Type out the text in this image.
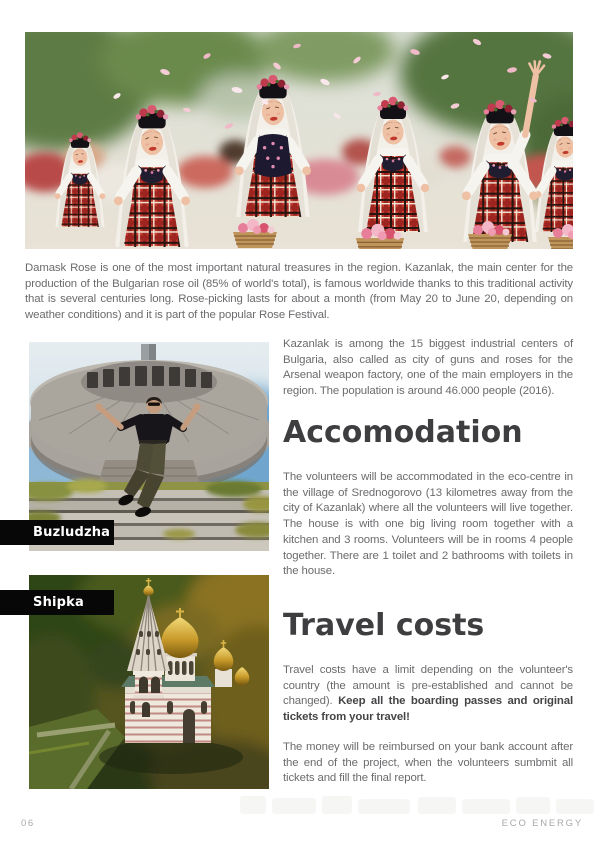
Damask Rose is one of the most important natural treasures in the region. Kazanlak, the main center for the production of the Bulgarian rose oil (85% of world's total), is famous worldwide thanks to this traditional activity that is several centuries long. Rose-picking lasts for about a month (from May 20 to June 20, depending on weather conditions) and it is part of the popular Rose Festival.

Buzludzha
Shipka

Kazanlak is among the 15 biggest industrial centers of Bulgaria, also called as city of guns and roses for the Arsenal weapon factory, one of the main employers in the region. The population is around 46.000 people (2016).

Accomodation

The volunteers will be accommodated in the eco-centre in the village of Srednogorovo (13 kilometres away from the city of Kazanlak) where all the volunteers will live together. The house is with one big living room together with a kitchen and 3 rooms. Volunteers will be in rooms 4 people together. There are 1 toilet and 2 bathrooms with toilets in the house.

Travel costs

Travel costs have a limit depending on the volunteer's country (the amount is pre-established and cannot be changed). Keep all the boarding passes and original tickets from your travel!

The money will be reimbursed on your bank account after the end of the project, when the volunteers sumbmit all tickets and fill the final report.

06	ECO ENERGY
